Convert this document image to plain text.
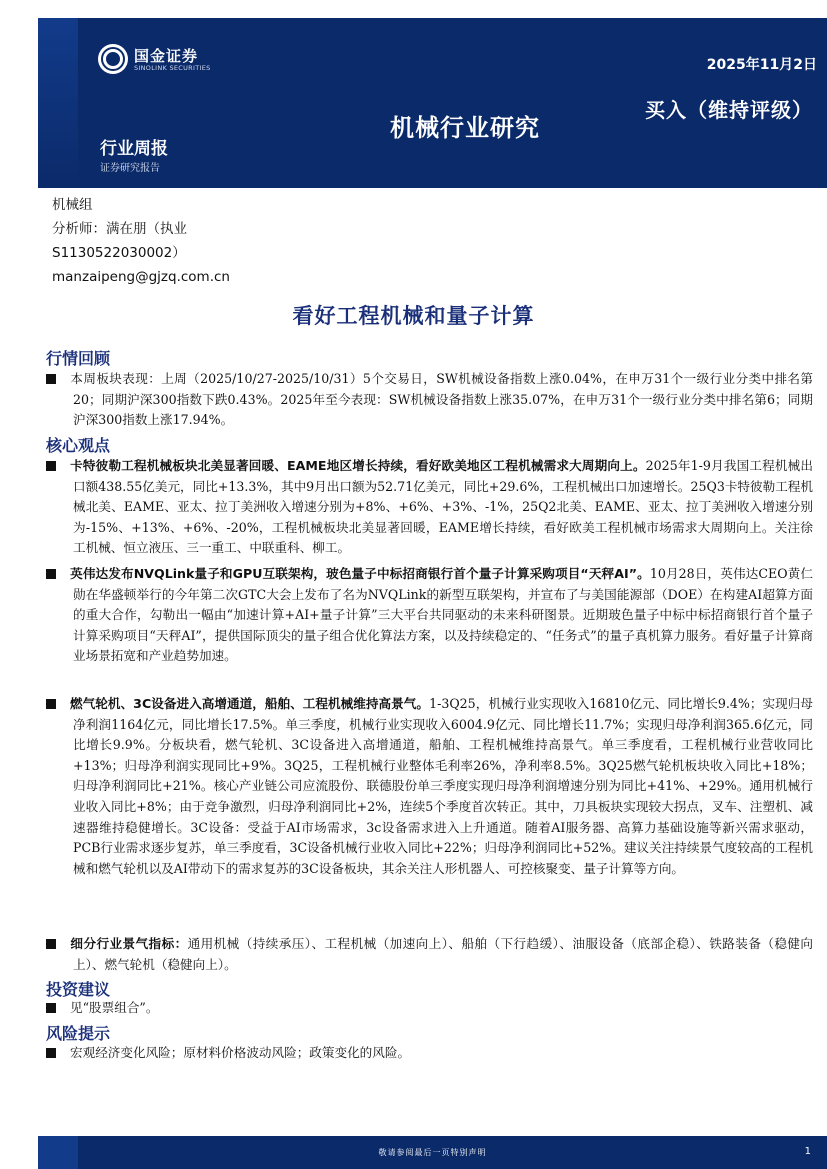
国金证券
SINOLINK SECURITIES	2025年11月2日
机械行业研究
买入（维持评级）
行业周报
证券研究报告
机械组
分析师：满在朋（执业
S1130522030002）
manzaipeng@gjzq.com.cn
看好工程机械和量子计算
行情回顾
本周板块表现：上周（2025/10/27-2025/10/31）5个交易日，SW机械设备指数上涨0.04%，在申万31个一级行业分类中排名第20；同期沪深300指数下跌0.43%。2025年至今表现：SW机械设备指数上涨35.07%，在申万31个一级行业分类中排名第6；同期沪深300指数上涨17.94%。
核心观点
卡特彼勒工程机械板块北美显著回暖、EAME地区增长持续，看好欧美地区工程机械需求大周期向上。2025年1-9月我国工程机械出口额438.55亿美元，同比+13.3%，其中9月出口额为52.71亿美元，同比+29.6%，工程机械出口加速增长。25Q3卡特彼勒工程机械北美、EAME、亚太、拉丁美洲收入增速分别为+8%、+6%、+3%、-1%，25Q2北美、EAME、亚太、拉丁美洲收入增速分别为-15%、+13%、+6%、-20%，工程机械板块北美显著回暖，EAME增长持续，看好欧美工程机械市场需求大周期向上。关注徐工机械、恒立液压、三一重工、中联重科、柳工。
英伟达发布NVQLink量子和GPU互联架构，玻色量子中标招商银行首个量子计算采购项目“天秤AI”。10月28日，英伟达CEO黄仁勋在华盛顿举行的今年第二次GTC大会上发布了名为NVQLink的新型互联架构，并宣布了与美国能源部（DOE）在构建AI超算方面的重大合作，勾勒出一幅由“加速计算+AI+量子计算”三大平台共同驱动的未来科研图景。近期玻色量子中标中标招商银行首个量子计算采购项目“天秤AI”，提供国际顶尖的量子组合优化算法方案，以及持续稳定的、“任务式”的量子真机算力服务。看好量子计算商业场景拓宽和产业趋势加速。
燃气轮机、3C设备进入高增通道，船舶、工程机械维持高景气。1-3Q25，机械行业实现收入16810亿元、同比增长9.4%；实现归母净利润1164亿元，同比增长17.5%。单三季度，机械行业实现收入6004.9亿元、同比增长11.7%；实现归母净利润365.6亿元，同比增长9.9%。分板块看，燃气轮机、3C设备进入高增通道，船舶、工程机械维持高景气。单三季度看，工程机械行业营收同比+13%；归母净利润实现同比+9%。3Q25，工程机械行业整体毛利率26%，净利率8.5%。3Q25燃气轮机板块收入同比+18%；归母净利润同比+21%。核心产业链公司应流股份、联德股份单三季度实现归母净利润增速分别为同比+41%、+29%。通用机械行业收入同比+8%；由于竞争激烈，归母净利润同比+2%，连续5个季度首次转正。其中，刀具板块实现较大拐点，叉车、注塑机、减速器维持稳健增长。3C设备：受益于AI市场需求，3c设备需求进入上升通道。随着AI服务器、高算力基础设施等新兴需求驱动，PCB行业需求逐步复苏，单三季度看，3C设备机械行业收入同比+22%；归母净利润同比+52%。建议关注持续景气度较高的工程机械和燃气轮机以及AI带动下的需求复苏的3C设备板块，其余关注人形机器人、可控核聚变、量子计算等方向。
细分行业景气指标：通用机械（持续承压）、工程机械（加速向上）、船舶（下行趋缓）、油服设备（底部企稳）、铁路装备（稳健向上）、燃气轮机（稳健向上）。
投资建议
见“股票组合”。
风险提示
宏观经济变化风险；原材料价格波动风险；政策变化的风险。
敬请参阅最后一页特别声明	1
